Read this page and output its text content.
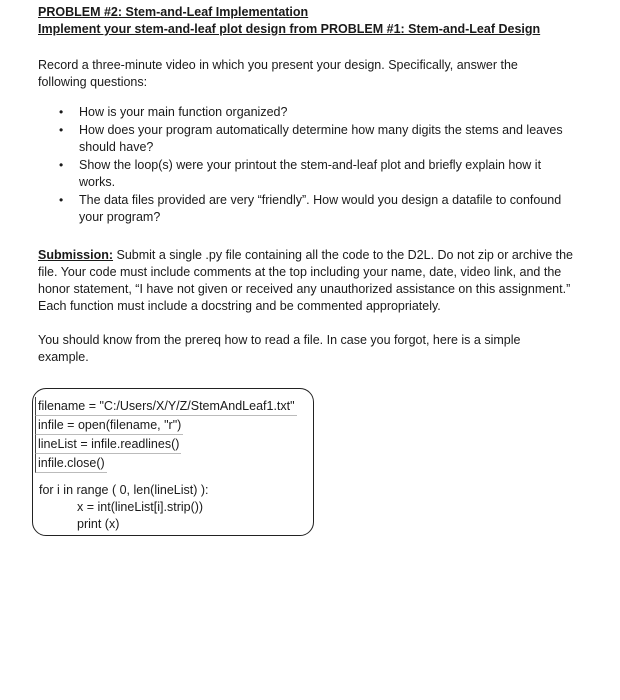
PROBLEM #2: Stem-and-Leaf Implementation
Implement your stem-and-leaf plot design from PROBLEM #1: Stem-and-Leaf Design

Record a three-minute video in which you present your design. Specifically, answer the following questions:

• How is your main function organized?
• How does your program automatically determine how many digits the stems and leaves should have?
• Show the loop(s) were your printout the stem-and-leaf plot and briefly explain how it works.
• The data files provided are very “friendly”. How would you design a datafile to confound your program?

Submission: Submit a single .py file containing all the code to the D2L. Do not zip or archive the file. Your code must include comments at the top including your name, date, video link, and the honor statement, “I have not given or received any unauthorized assistance on this assignment.” Each function must include a docstring and be commented appropriately.

You should know from the prereq how to read a file. In case you forgot, here is a simple example.

filename = "C:/Users/X/Y/Z/StemAndLeaf1.txt"
infile = open(filename, "r")
lineList = infile.readlines()
infile.close()
for i in range ( 0, len(lineList) ):
x = int(lineList[i].strip())
print (x)
